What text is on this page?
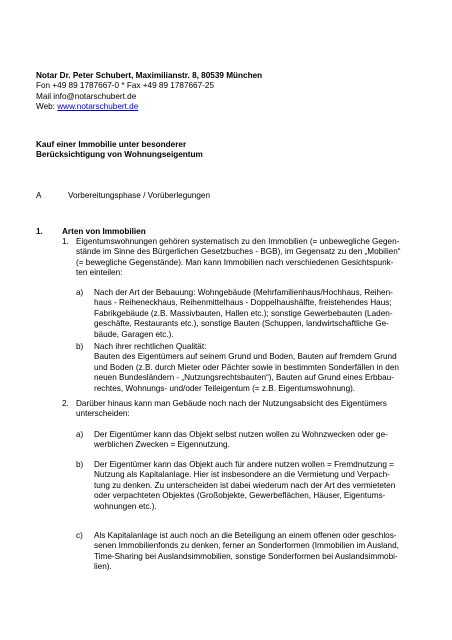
Notar Dr. Peter Schubert, Maximilianstr. 8, 80539 München
Fon +49 89 1787667-0 * Fax +49 89 1787667-25
Mail info@notarschubert.de
Web: www.notarschubert.de
Kauf einer Immobilie unter besonderer
Berücksichtigung von Wohnungseigentum
A	Vorbereitungsphase / Vorüberlegungen
1. Arten von Immobilien
1. Eigentumswohnungen gehören systematisch zu den Immobilien (= unbewegliche Gegen-
stände im Sinne des Bürgerlichen Gesetzbuches - BGB), im Gegensatz zu den „Mobilien“
(= bewegliche Gegenstände). Man kann Immobilien nach verschiedenen Gesichtspunk-
ten einteilen:
a) Nach der Art der Bebauung: Wohngebäude (Mehrfamilienhaus/Hochhaus, Reihen-
haus - Reiheneckhaus, Reihenmittelhaus - Doppelhaushälfte, freistehendes Haus;
Fabrikgebäude (z.B. Massivbauten, Hallen etc.); sonstige Gewerbebauten (Laden-
geschäfte, Restaurants etc.), sonstige Bauten (Schuppen, landwirtschaftliche Ge-
bäude, Garagen etc.).
b) Nach ihrer rechtlichen Qualität:
Bauten des Eigentümers auf seinem Grund und Boden, Bauten auf fremdem Grund
und Boden (z.B. durch Mieter oder Pächter sowie in bestimmten Sonderfällen in den
neuen Bundesländern - „Nutzungsrechtsbauten“), Bauten auf Grund eines Erbbau-
rechtes, Wohnungs- und/oder Teileigentum (= z.B. Eigentumswohnung).
2. Darüber hinaus kann man Gebäude noch nach der Nutzungsabsicht des Eigentümers
unterscheiden:
a) Der Eigentümer kann das Objekt selbst nutzen wollen zu Wohnzwecken oder ge-
werblichen Zwecken = Eigennutzung.
b) Der Eigentümer kann das Objekt auch für andere nutzen wollen = Fremdnutzung =
Nutzung als Kapitalanlage. Hier ist insbesondere an die Vermietung und Verpach-
tung zu denken. Zu unterscheiden ist dabei wiederum nach der Art des vermieteten
oder verpachteten Objektes (Großobjekte, Gewerbeflächen, Häuser, Eigentums-
wohnungen etc.).
c) Als Kapitalanlage ist auch noch an die Beteiligung an einem offenen oder geschlos-
senen Immobilienfonds zu denken, ferner an Sonderformen (Immobilien im Ausland,
Time-Sharing bei Auslandsimmobilien, sonstige Sonderformen bei Auslandsimmobi-
lien).
